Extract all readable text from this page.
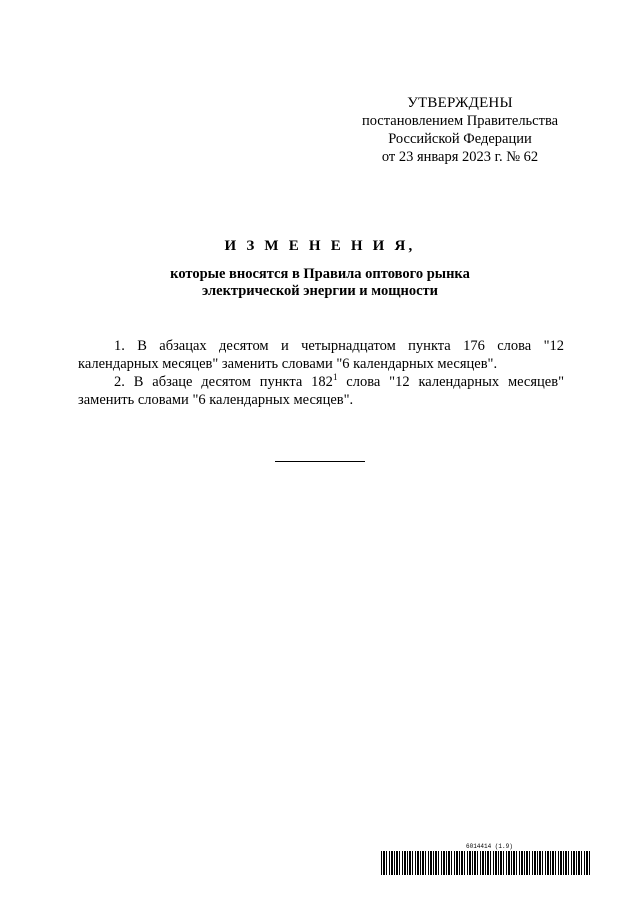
УТВЕРЖДЕНЫ
постановлением Правительства
Российской Федерации
от 23 января 2023 г. № 62
И З М Е Н Е Н И Я,
которые вносятся в Правила оптового рынка
электрической энергии и мощности

1. В абзацах десятом и четырнадцатом пункта 176 слова "12 календарных месяцев" заменить словами "6 календарных месяцев".

2. В абзаце десятом пункта $182^1$ слова "12 календарных месяцев" заменить словами "6 календарных месяцев".

6014414 (1.9)
